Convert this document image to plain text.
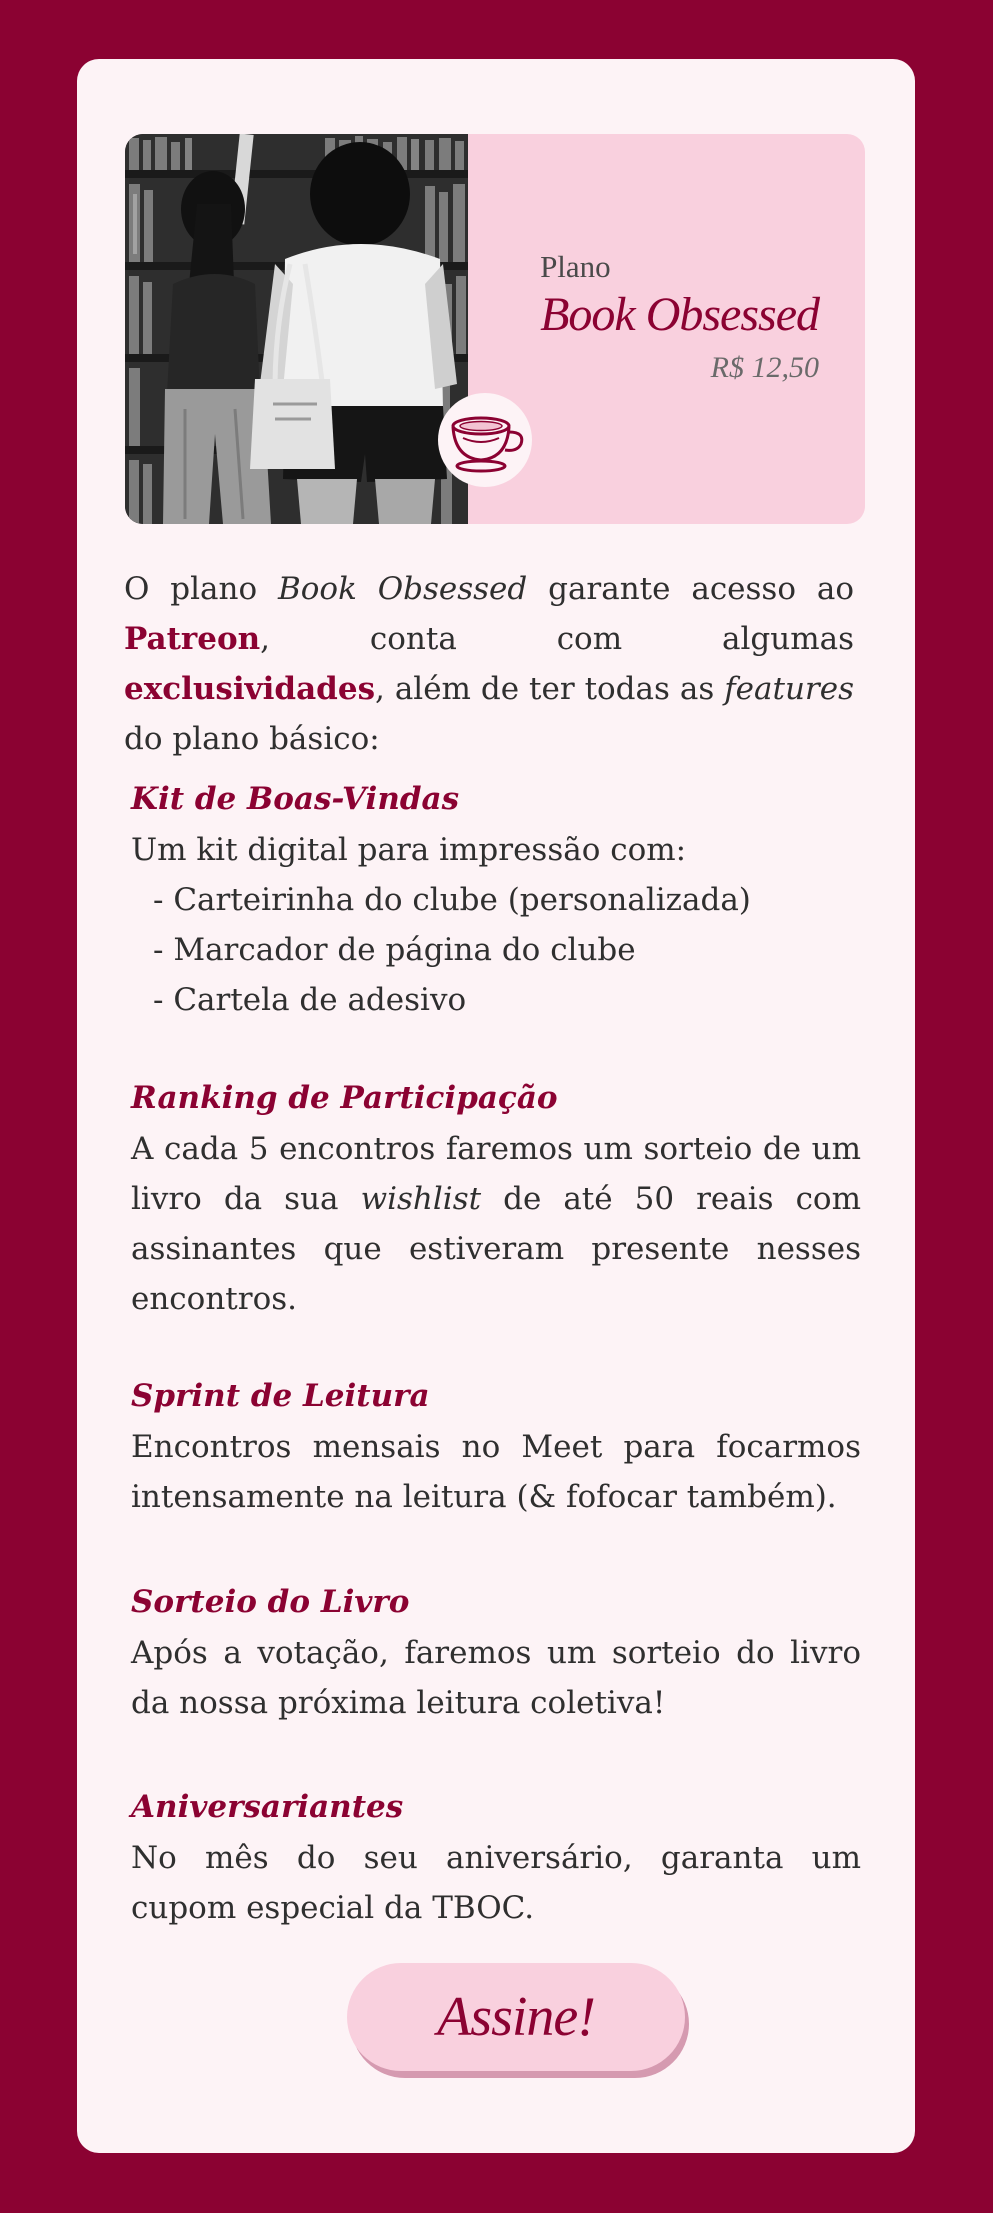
Plano
Book Obsessed
R$ 12,50

O plano Book Obsessed garante acesso ao Patreon, conta com algumas exclusividades, além de ter todas as features do plano básico:

Kit de Boas-Vindas

Um kit digital para impressão com:

- Carteirinha do clube (personalizada)
- Marcador de página do clube
- Cartela de adesivo
Ranking de Participação

A cada 5 encontros faremos um sorteio de um livro da sua wishlist de até 50 reais com assinantes que estiveram presente nesses encontros.

Sprint de Leitura

Encontros mensais no Meet para focarmos intensamente na leitura (& fofocar também).

Sorteio do Livro

Após a votação, faremos um sorteio do livro da nossa próxima leitura coletiva!

Aniversariantes

No mês do seu aniversário, garanta um cupom especial da TBOC.

Assine!
